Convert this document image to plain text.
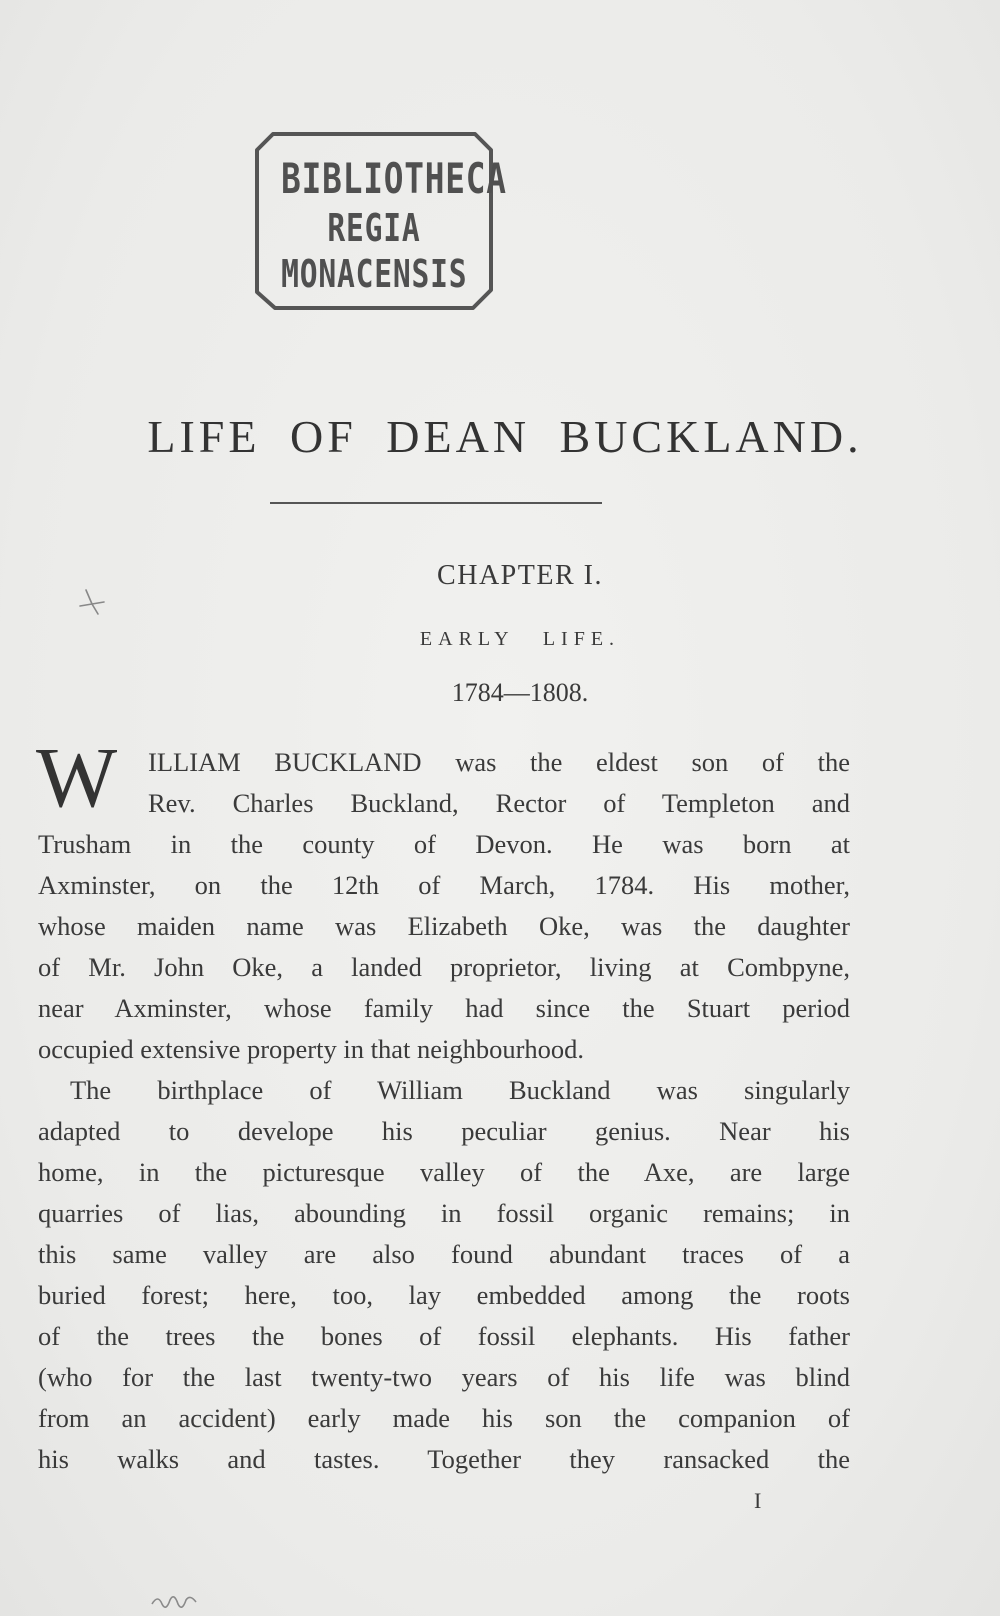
BIBLIOTHECA
REGIA
MONACENSIS
LIFE OF DEAN BUCKLAND.
CHAPTER I.
EARLY LIFE.
1784—1808.
W	ILLIAM BUCKLAND was the eldest son of the
Rev. Charles Buckland, Rector of Templeton and
Trusham in the county of Devon. He was born at
Axminster, on the 12th of March, 1784. His mother,
whose maiden name was Elizabeth Oke, was the daughter
of Mr. John Oke, a landed proprietor, living at Combpyne,
near Axminster, whose family had since the Stuart period
occupied extensive property in that neighbourhood.
The birthplace of William Buckland was singularly
adapted to develope his peculiar genius. Near his
home, in the picturesque valley of the Axe, are large
quarries of lias, abounding in fossil organic remains; in
this same valley are also found abundant traces of a
buried forest; here, too, lay embedded among the roots
of the trees the bones of fossil elephants. His father
(who for the last twenty-two years of his life was blind
from an accident) early made his son the companion of
his walks and tastes. Together they ransacked the
I
